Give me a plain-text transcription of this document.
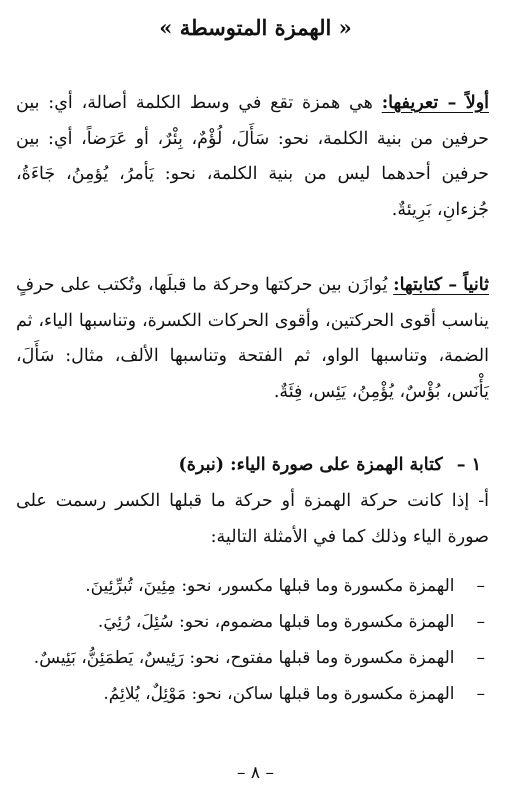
« الهمزة المتوسطة »

أولاً – تعريفها: هي همزة تقع في وسط الكلمة أصالة، أي: بين حرفين من بنية الكلمة، نحو: سَأَلَ، لُؤْمٌ، بِئْرٌ، أو عَرَضاً، أي: بين حرفين أحدهما ليس من بنية الكلمة، نحو: يَأمرُ، يُؤمِنُ، جَاءَةُ، جُزءانِ، بَرِيئةٌ.

ثانياً – كتابتها: يُوازَن بين حركتها وحركة ما قبلَها، وتُكتب على حرفٍ يناسب أقوى الحركتين، وأقوى الحركات الكسرة، وتناسبها الياء، ثم الضمة، وتناسبها الواو، ثم الفتحة وتناسبها الألف، مثال: سَأَلَ، يَأْنَس، بُؤْسٌ، يُؤْمِنُ، يَئِس، فِئَةٌ.

١ –كتابة الهمزة على صورة الياء: (نبرة)

أ- إذا كانت حركة الهمزة أو حركة ما قبلها الكسر رسمت على صورة الياء وذلك كما في الأمثلة التالية:

–الهمزة مكسورة وما قبلها مكسور، نحو: مِئِينَ، تُبرِّئِينَ.
–الهمزة مكسورة وما قبلها مضموم، نحو: سُئِلَ، رُئِيَ.
–الهمزة مكسورة وما قبلها مفتوح، نحو: رَئِيسٌ، يَطمَئِنُّ، بَئِيسٌ.
–الهمزة مكسورة وما قبلها ساكن، نحو: مَوْئِلٌ، يُلائِمُ.
– ٨ –
